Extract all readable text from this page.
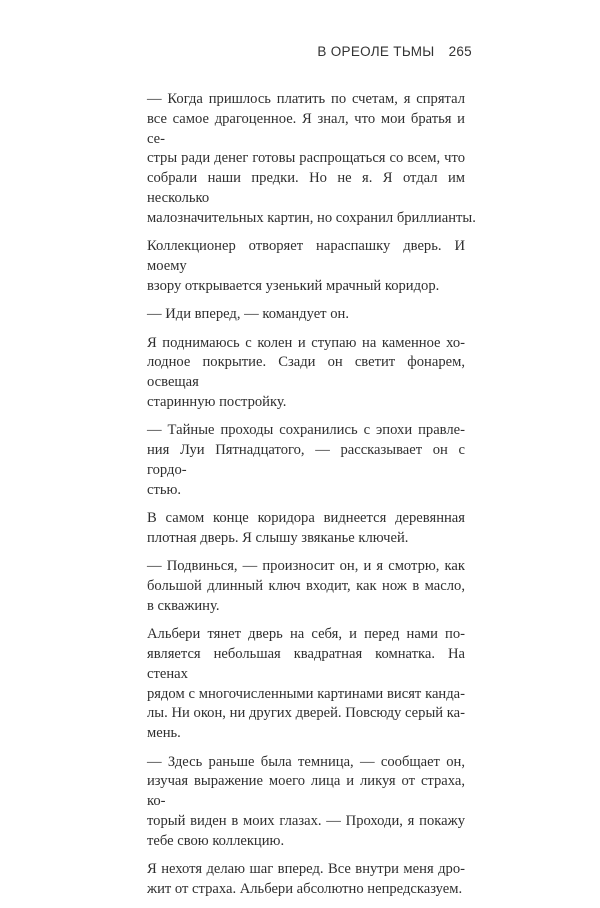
В ОРЕОЛЕ ТЬМЫ 265
— Когда пришлось платить по счетам, я спрятал
все самое драгоценное. Я знал, что мои братья и се-
стры ради денег готовы распрощаться со всем, что
собрали наши предки. Но не я. Я отдал им несколько
малозначительных картин, но сохранил бриллианты.
Коллекционер отворяет нараспашку дверь. И моему
взору открывается узенький мрачный коридор.
— Иди вперед, — командует он.
Я поднимаюсь с колен и ступаю на каменное хо-
лодное покрытие. Сзади он светит фонарем, освещая
старинную постройку.
— Тайные проходы сохранились с эпохи правле-
ния Луи Пятнадцатого, — рассказывает он с гордо-
стью.
В самом конце коридора виднеется деревянная
плотная дверь. Я слышу звяканье ключей.
— Подвинься, — произносит он, и я смотрю, как
большой длинный ключ входит, как нож в масло,
в скважину.
Альбери тянет дверь на себя, и перед нами по-
является небольшая квадратная комнатка. На стенах
рядом с многочисленными картинами висят канда-
лы. Ни окон, ни других дверей. Повсюду серый ка-
мень.
— Здесь раньше была темница, — сообщает он,
изучая выражение моего лица и ликуя от страха, ко-
торый виден в моих глазах. — Проходи, я покажу
тебе свою коллекцию.
Я нехотя делаю шаг вперед. Все внутри меня дро-
жит от страха. Альбери абсолютно непредсказуем.
